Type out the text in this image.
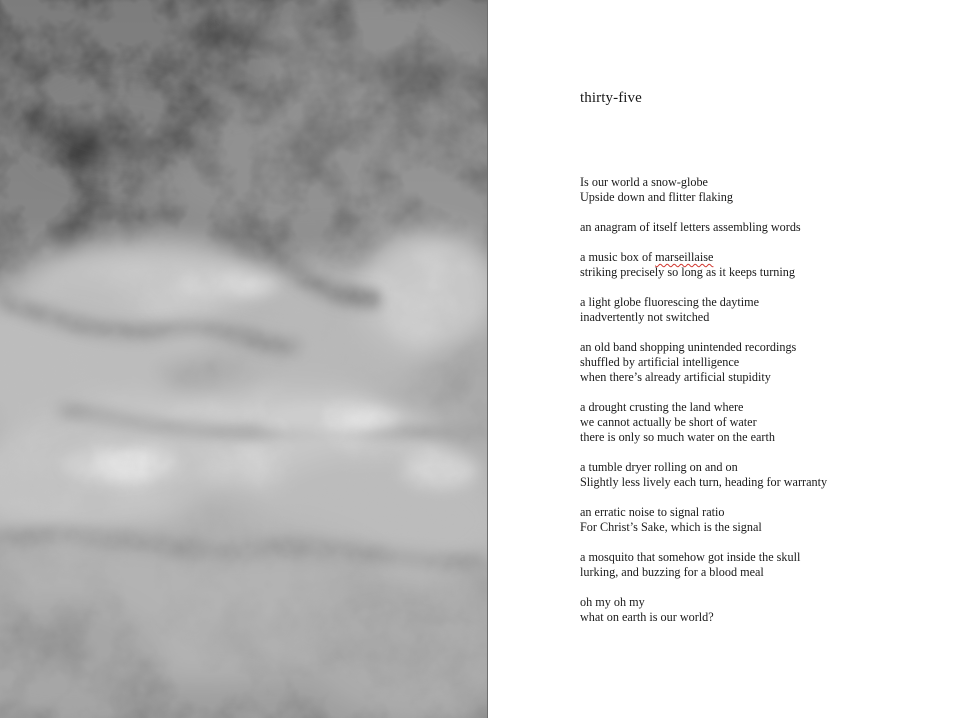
thirty-five
Is our world a snow-globe
Upside down and flitter flaking
an anagram of itself letters assembling words
a music box of marseillaise
striking precisely so long as it keeps turning
a light globe fluorescing the daytime
inadvertently not switched
an old band shopping unintended recordings
shuffled by artificial intelligence
when there’s already artificial stupidity
a drought crusting the land where
we cannot actually be short of water
there is only so much water on the earth
a tumble dryer rolling on and on
Slightly less lively each turn, heading for warranty
an erratic noise to signal ratio
For Christ’s Sake, which is the signal
a mosquito that somehow got inside the skull
lurking, and buzzing for a blood meal
oh my oh my
what on earth is our world?
